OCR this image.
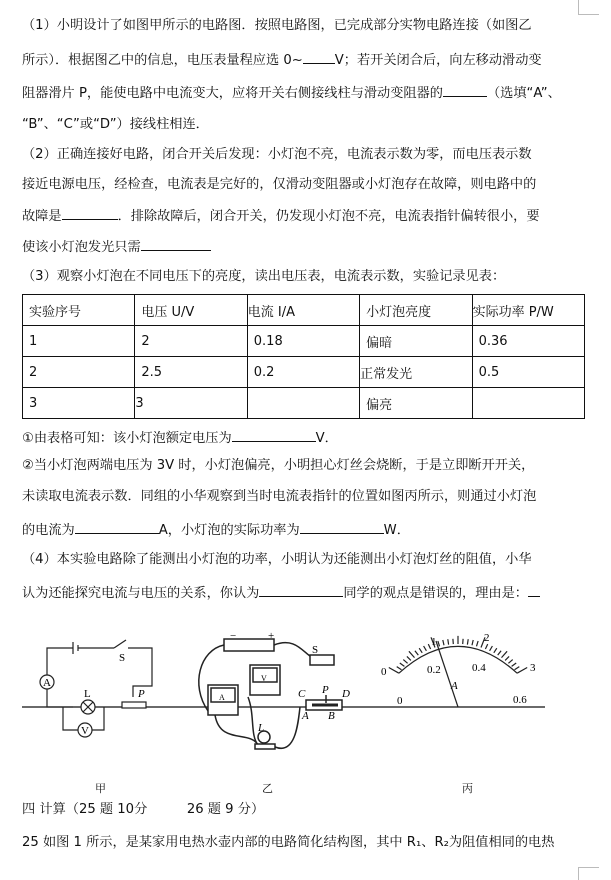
（1）小明设计了如图甲所示的电路图．按照电路图，已完成部分实物电路连接（如图乙
所示）．根据图乙中的信息，电压表量程应选 0~ V；若开关闭合后，向左移动滑动变
阻器滑片 P，能使电路中电流变大，应将开关右侧接线柱与滑动变阻器的	（选填“A”、
“B”、“C”或“D”）接线柱相连．
（2）正确连接好电路，闭合开关后发现：小灯泡不亮，电流表示数为零，而电压表示数
接近电源电压，经检查，电流表是完好的，仅滑动变阻器或小灯泡存在故障，则电路中的
故障是	．排除故障后，闭合开关，仍发现小灯泡不亮，电流表指针偏转很小，要
使该小灯泡发光只需
（3）观察小灯泡在不同电压下的亮度，读出电压表，电流表示数，实验记录见表：
实验序号	电压 U/V	电流 I/A	小灯泡亮度	实际功率 P/W
1	2	0.18	偏暗	0.36
2	2.5	0.2	正常发光	0.5
3	3		偏亮	
①由表格可知：该小灯泡额定电压为	V．
②当小灯泡两端电压为 3V 时，小灯泡偏亮，小明担心灯丝会烧断，于是立即断开开关，
未读取电流表示数．同组的小华观察到当时电流表指针的位置如图丙所示，则通过小灯泡
的电流为	A，小灯泡的实际功率为	W．
（4）本实验电路除了能测出小灯泡的功率，小明认为还能测出小灯泡灯丝的阻值，小华
认为还能探究电流与电压的关系，你认为	同学的观点是错误的，理由是：
A
V
L
S
P
−	+
S
V
A
L
C P D
A B
0
1	2
3
0
0.2	0.4
0.6
A
甲	乙	丙
四 计算（25 题 10分　　　26 题 9 分）
25 如图 1 所示，是某家用电热水壶内部的电路简化结构图，其中 R₁、R₂为阻值相同的电热
